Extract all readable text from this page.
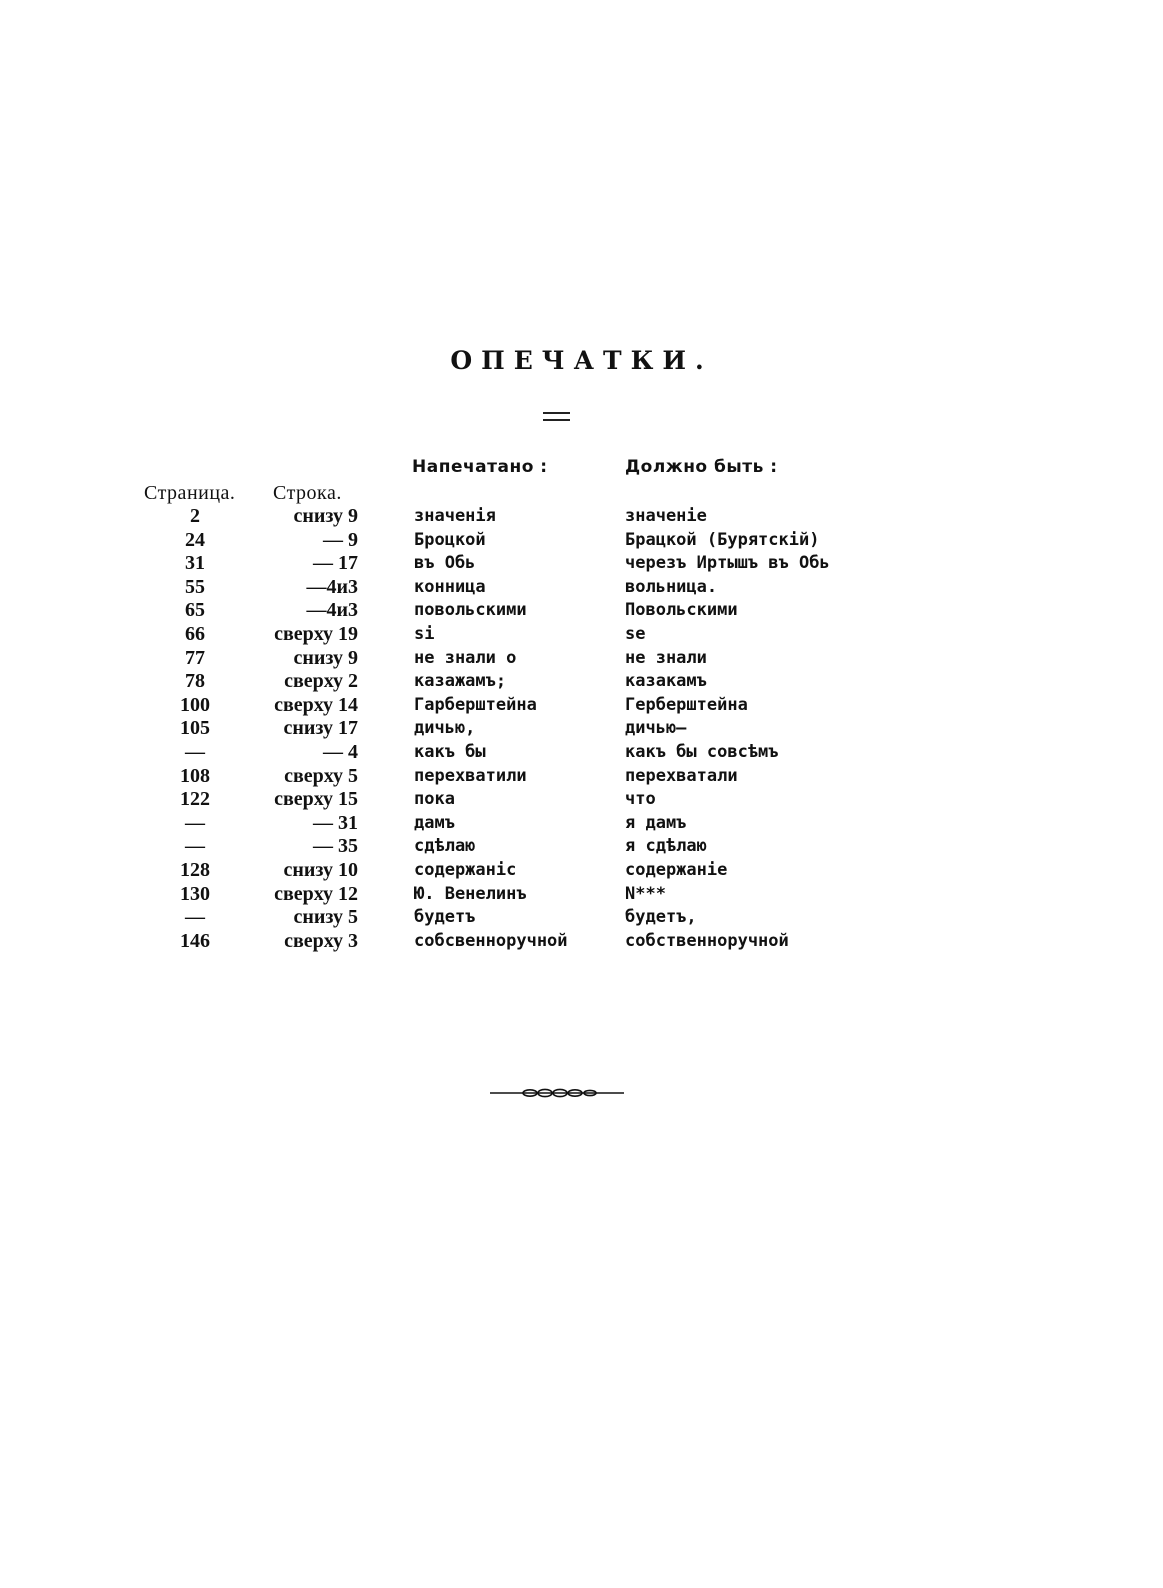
ОПЕЧАТКИ.
Напечатано :	Должно быть :
Страница. Строка.
2	снизу 9	значенія	значеніе
24	— 9	Броцкой	Брацкой (Бурятскій)
31	— 17	въ Обь	черезъ Иртышъ въ Обь
55	—4и3	конница	вольница.
65	—4и3	повольскими	Повольскими
66	сверху 19	si	se
77	снизу 9	не знали о	не знали
78	сверху 2	казажамъ;	казакамъ
100	сверху 14	Гарберштейна	Герберштейна
105	снизу 17	дичью,	дичью—
—	— 4	какъ бы	какъ бы совсѣмъ
108	сверху 5	перехватили	перехватали
122	сверху 15	пока	что
—	— 31	дамъ	я дамъ
—	— 35	сдѣлаю	я сдѣлаю
128	снизу 10	содержаніс	содержаніе
130	сверху 12	Ю. Венелинъ	N***
—	снизу 5	будетъ	будетъ,
146	сверху 3	собсвенноручной	собственноручной
